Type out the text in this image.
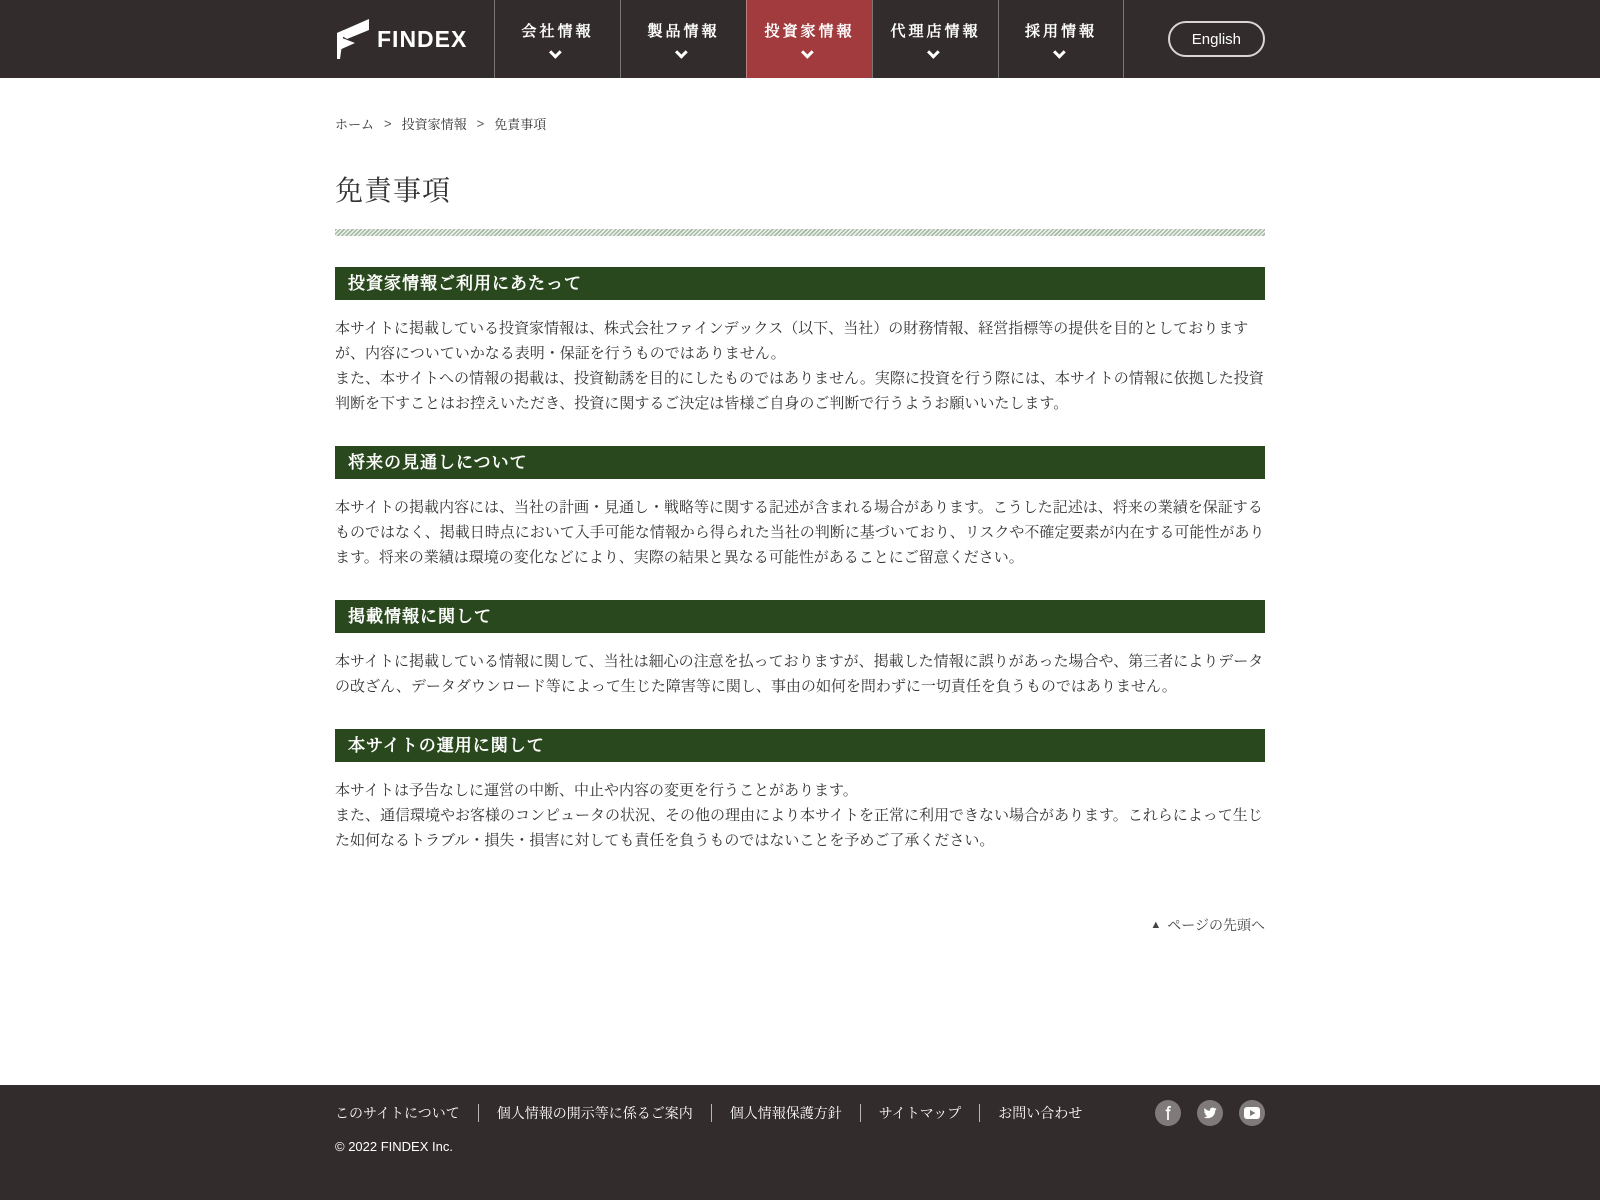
FINDEX	会社情報	製品情報	投資家情報 代理店情報	採用情報	English
ホーム > 投資家情報 > 免責事項
免責事項
投資家情報ご利用にあたって

本サイトに掲載している投資家情報は、株式会社ファインデックス（以下、当社）の財務情報、経営指標等の提供を目的としておりますが、内容についていかなる表明・保証を行うものではありません。

また、本サイトへの情報の掲載は、投資勧誘を目的にしたものではありません。実際に投資を行う際には、本サイトの情報に依拠した投資判断を下すことはお控えいただき、投資に関するご決定は皆様ご自身のご判断で行うようお願いいたします。

将来の見通しについて

本サイトの掲載内容には、当社の計画・見通し・戦略等に関する記述が含まれる場合があります。こうした記述は、将来の業績を保証するものではなく、掲載日時点において入手可能な情報から得られた当社の判断に基づいており、リスクや不確定要素が内在する可能性があります。将来の業績は環境の変化などにより、実際の結果と異なる可能性があることにご留意ください。

掲載情報に関して

本サイトに掲載している情報に関して、当社は細心の注意を払っておりますが、掲載した情報に誤りがあった場合や、第三者によりデータの改ざん、データダウンロード等によって生じた障害等に関し、事由の如何を問わずに一切責任を負うものではありません。

本サイトの運用に関して

本サイトは予告なしに運営の中断、中止や内容の変更を行うことがあります。

また、通信環境やお客様のコンピュータの状況、その他の理由により本サイトを正常に利用できない場合があります。これらによって生じた如何なるトラブル・損失・損害に対しても責任を負うものではないことを予めご了承ください。

▲ ページの先頭へ
このサイトについて	個人情報の開示等に係るご案内	個人情報保護方針	サイトマップ	お問い合わせ
© 2022 FINDEX Inc.
